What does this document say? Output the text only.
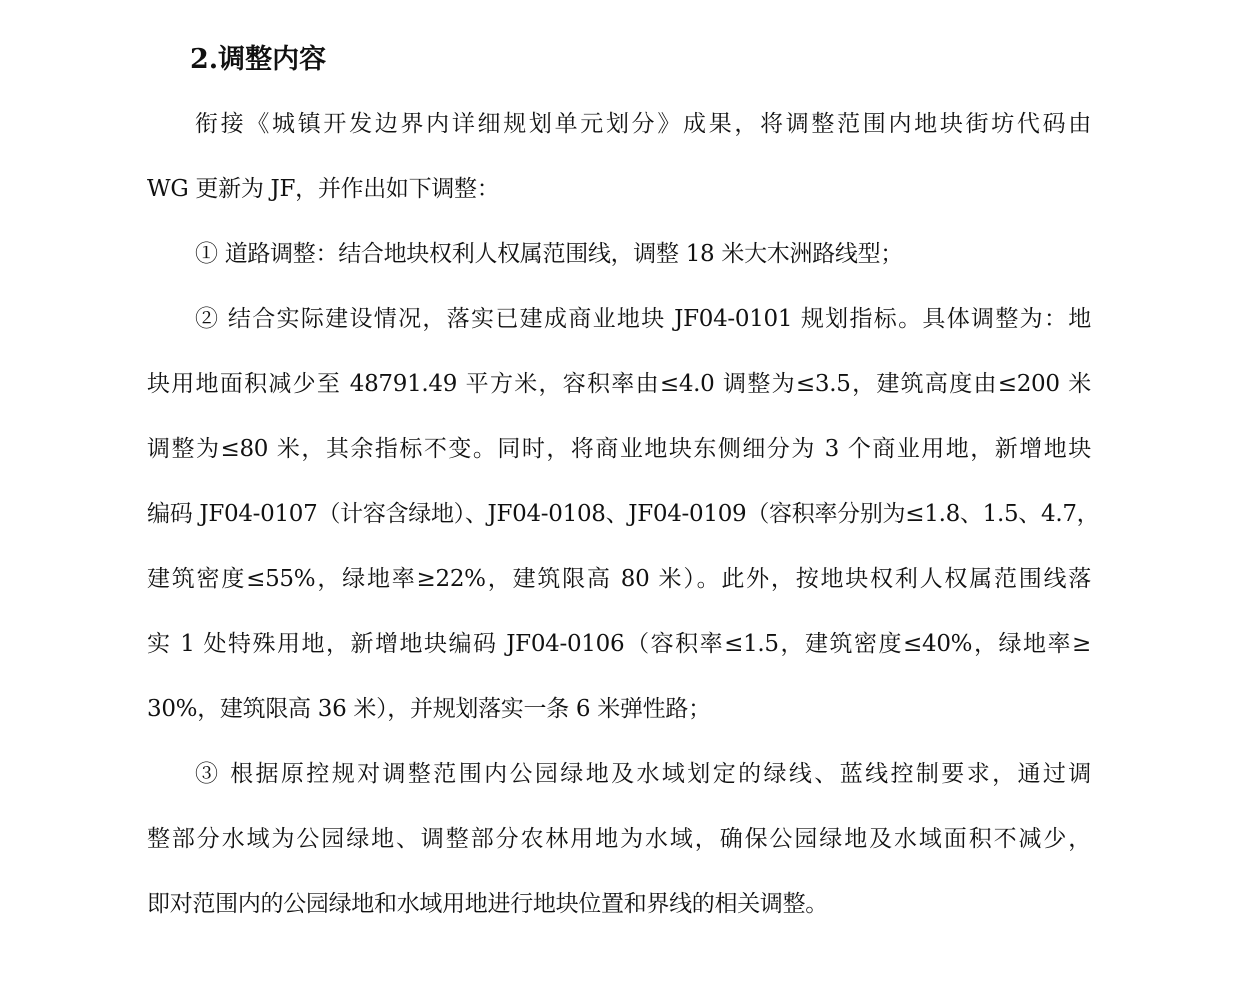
2.调整内容
衔接《城镇开发边界内详细规划单元划分》成果，将调整范围内地块街坊代码由
WG 更新为 JF，并作出如下调整：
① 道路调整：结合地块权利人权属范围线，调整 18 米大木洲路线型；
② 结合实际建设情况，落实已建成商业地块 JF04-0101 规划指标。具体调整为：地
块用地面积减少至 48791.49 平方米，容积率由≤4.0 调整为≤3.5，建筑高度由≤200 米
调整为≤80 米，其余指标不变。同时，将商业地块东侧细分为 3 个商业用地，新增地块
编码 JF04-0107（计容含绿地）、JF04-0108、JF04-0109（容积率分别为≤1.8、1.5、4.7，
建筑密度≤55%，绿地率≥22%，建筑限高 80 米）。此外，按地块权利人权属范围线落
实 1 处特殊用地，新增地块编码 JF04-0106（容积率≤1.5，建筑密度≤40%，绿地率≥
30%，建筑限高 36 米），并规划落实一条 6 米弹性路；
③ 根据原控规对调整范围内公园绿地及水域划定的绿线、蓝线控制要求，通过调
整部分水域为公园绿地、调整部分农林用地为水域，确保公园绿地及水域面积不减少，
即对范围内的公园绿地和水域用地进行地块位置和界线的相关调整。
